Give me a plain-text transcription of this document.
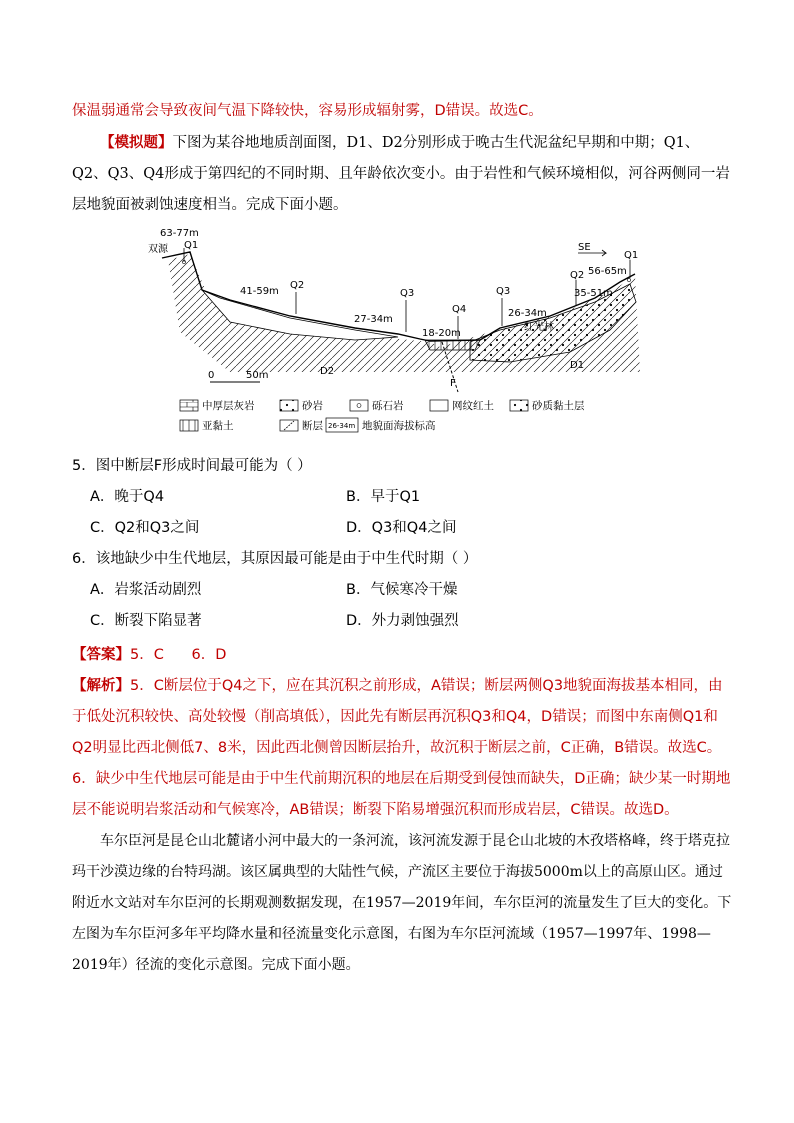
保温弱通常会导致夜间气温下降较快，容易形成辐射雾，D错误。故选C。
【模拟题】下图为某谷地地质剖面图，D1、D2分别形成于晚古生代泥盆纪早期和中期；Q1、Q2、Q3、Q4形成于第四纪的不同时期、且年龄依次变小。由于岩性和气候环境相似，河谷两侧同一岩层地貌面被剥蚀速度相当。完成下面小题。
63-77m
双源 Q1
41-59m
Q2
27-34m
Q3
Q4
18-20m
Q3
26-34m
红光林
Q2
35-51m
56-65m
SE
Q1
D2
D1
F
0	50m
中厚层灰岩	砂岩	砾石岩	网纹红土	砂质黏土层
亚黏土	断层 26-34m 地貌面海拔标高
5．图中断层F形成时间最可能为（ ）
A．晚于Q4	B．早于Q1
C．Q2和Q3之间	D．Q3和Q4之间
6．该地缺少中生代地层，其原因最可能是由于中生代时期（ ）
A．岩浆活动剧烈	B．气候寒冷干燥
C．断裂下陷显著	D．外力剥蚀强烈
【答案】5．C      6．D
【解析】5．C断层位于Q4之下，应在其沉积之前形成，A错误；断层两侧Q3地貌面海拔基本相同，由于低处沉积较快、高处较慢（削高填低），因此先有断层再沉积Q3和Q4，D错误；而图中东南侧Q1和Q2明显比西北侧低7、8米，因此西北侧曾因断层抬升，故沉积于断层之前，C正确，B错误。故选C。
6．缺少中生代地层可能是由于中生代前期沉积的地层在后期受到侵蚀而缺失，D正确；缺少某一时期地层不能说明岩浆活动和气候寒冷，AB错误；断裂下陷易增强沉积而形成岩层，C错误。故选D。
车尔臣河是昆仑山北麓诸小河中最大的一条河流，该河流发源于昆仑山北坡的木孜塔格峰，终于塔克拉玛干沙漠边缘的台特玛湖。该区属典型的大陆性气候，产流区主要位于海拔5000m以上的高原山区。通过附近水文站对车尔臣河的长期观测数据发现，在1957—2019年间，车尔臣河的流量发生了巨大的变化。下左图为车尔臣河多年平均降水量和径流量变化示意图，右图为车尔臣河流域（1957—1997年、1998—2019年）径流的变化示意图。完成下面小题。
